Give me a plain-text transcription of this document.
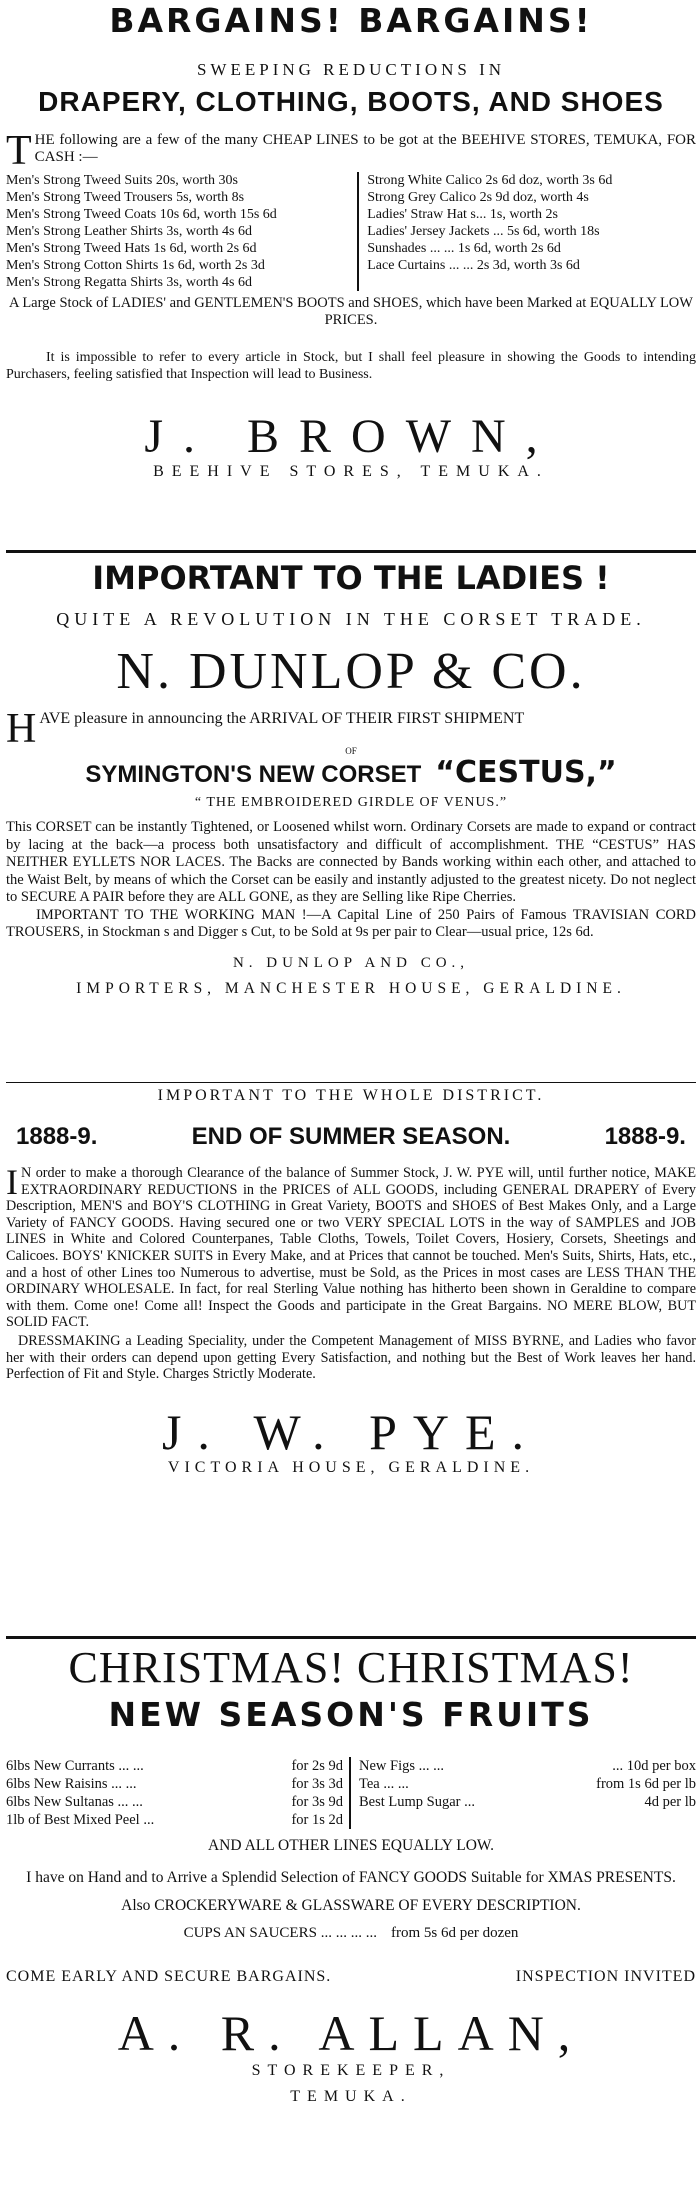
BARGAINS! BARGAINS!
SWEEPING REDUCTIONS IN
DRAPERY, CLOTHING, BOOTS, AND SHOES
T HE following are a few of the many CHEAP LINES to be got at the BEEHIVE STORES, TEMUKA, FOR CASH :—

Men's Strong Tweed Suits 20s, worth 30s
Men's Strong Tweed Trousers 5s, worth 8s
Men's Strong Tweed Coats 10s 6d, worth 15s 6d
Men's Strong Leather Shirts 3s, worth 4s 6d
Men's Strong Tweed Hats 1s 6d, worth 2s 6d
Men's Strong Cotton Shirts 1s 6d, worth 2s 3d
Men's Strong Regatta Shirts 3s, worth 4s 6d
Strong White Calico 2s 6d doz, worth 3s 6d
Strong Grey Calico 2s 9d doz, worth 4s
Ladies' Straw Hat s... 1s, worth 2s
Ladies' Jersey Jackets ... 5s 6d, worth 18s
Sunshades ... ... 1s 6d, worth 2s 6d
Lace Curtains ... ... 2s 3d, worth 3s 6d

A Large Stock of LADIES' and GENTLEMEN'S BOOTS and SHOES, which have been Marked at EQUALLY LOW PRICES.

It is impossible to refer to every article in Stock, but I shall feel pleasure in showing the Goods to intending Purchasers, feeling satisfied that Inspection will lead to Business.

J. BROWN,
BEEHIVE STORES, TEMUKA.
IMPORTANT TO THE LADIES !
QUITE A REVOLUTION IN THE CORSET TRADE.
N. DUNLOP & CO.
H AVE pleasure in announcing the ARRIVAL OF THEIR FIRST SHIPMENT

OF
SYMINGTON'S NEW CORSET “CESTUS,”
“ THE EMBROIDERED GIRDLE OF VENUS.”

This CORSET can be instantly Tightened, or Loosened whilst worn. Ordinary Corsets are made to expand or contract by lacing at the back—a process both unsatisfactory and difficult of accomplishment. THE “CESTUS” HAS NEITHER EYLLETS NOR LACES. The Backs are connected by Bands working within each other, and attached to the Waist Belt, by means of which the Corset can be easily and instantly adjusted to the greatest nicety. Do not neglect to SECURE A PAIR before they are ALL GONE, as they are Selling like Ripe Cherries.

IMPORTANT TO THE WORKING MAN !—A Capital Line of 250 Pairs of Famous TRAVISIAN CORD TROUSERS, in Stockman s and Digger s Cut, to be Sold at 9s per pair to Clear—usual price, 12s 6d.

N. DUNLOP AND CO.,
IMPORTERS, MANCHESTER HOUSE, GERALDINE.
IMPORTANT TO THE WHOLE DISTRICT.
1888-9.	END OF SUMMER SEASON.	1888-9.
I N order to make a thorough Clearance of the balance of Summer Stock, J. W. PYE will, until further notice, MAKE EXTRAORDINARY REDUCTIONS in the PRICES of ALL GOODS, including GENERAL DRAPERY of Every Description, MEN'S and BOY'S CLOTHING in Great Variety, BOOTS and SHOES of Best Makes Only, and a Large Variety of FANCY GOODS. Having secured one or two VERY SPECIAL LOTS in the way of SAMPLES and JOB LINES in White and Colored Counterpanes, Table Cloths, Towels, Toilet Covers, Hosiery, Corsets, Sheetings and Calicoes. BOYS' KNICKER SUITS in Every Make, and at Prices that cannot be touched. Men's Suits, Shirts, Hats, etc., and a host of other Lines too Numerous to advertise, must be Sold, as the Prices in most cases are LESS THAN THE ORDINARY WHOLESALE. In fact, for real Sterling Value nothing has hitherto been shown in Geraldine to compare with them. Come one! Come all! Inspect the Goods and participate in the Great Bargains. NO MERE BLOW, BUT SOLID FACT.

DRESSMAKING a Leading Speciality, under the Competent Management of MISS BYRNE, and Ladies who favor her with their orders can depend upon getting Every Satisfaction, and nothing but the Best of Work leaves her hand. Perfection of Fit and Style. Charges Strictly Moderate.

J. W. PYE.
VICTORIA HOUSE, GERALDINE.
CHRISTMAS! CHRISTMAS!
NEW SEASON'S FRUITS
6lbs New Currants ... ...	for 2s 9d
6lbs New Raisins ... ...	for 3s 3d
6lbs New Sultanas ... ...	for 3s 9d
1lb of Best Mixed Peel ...	for 1s 2d
New Figs ... ...	... 10d per box
Tea ... ...	from 1s 6d per lb
Best Lump Sugar ...	4d per lb
AND ALL OTHER LINES EQUALLY LOW.
I have on Hand and to Arrive a Splendid Selection of FANCY GOODS Suitable for XMAS PRESENTS.
Also CROCKERYWARE & GLASSWARE OF EVERY DESCRIPTION.
CUPS AN SAUCERS ... ... ... ... from 5s 6d per dozen
COME EARLY AND SECURE BARGAINS.	INSPECTION INVITED
A. R. ALLAN,
STOREKEEPER,
TEMUKA.
